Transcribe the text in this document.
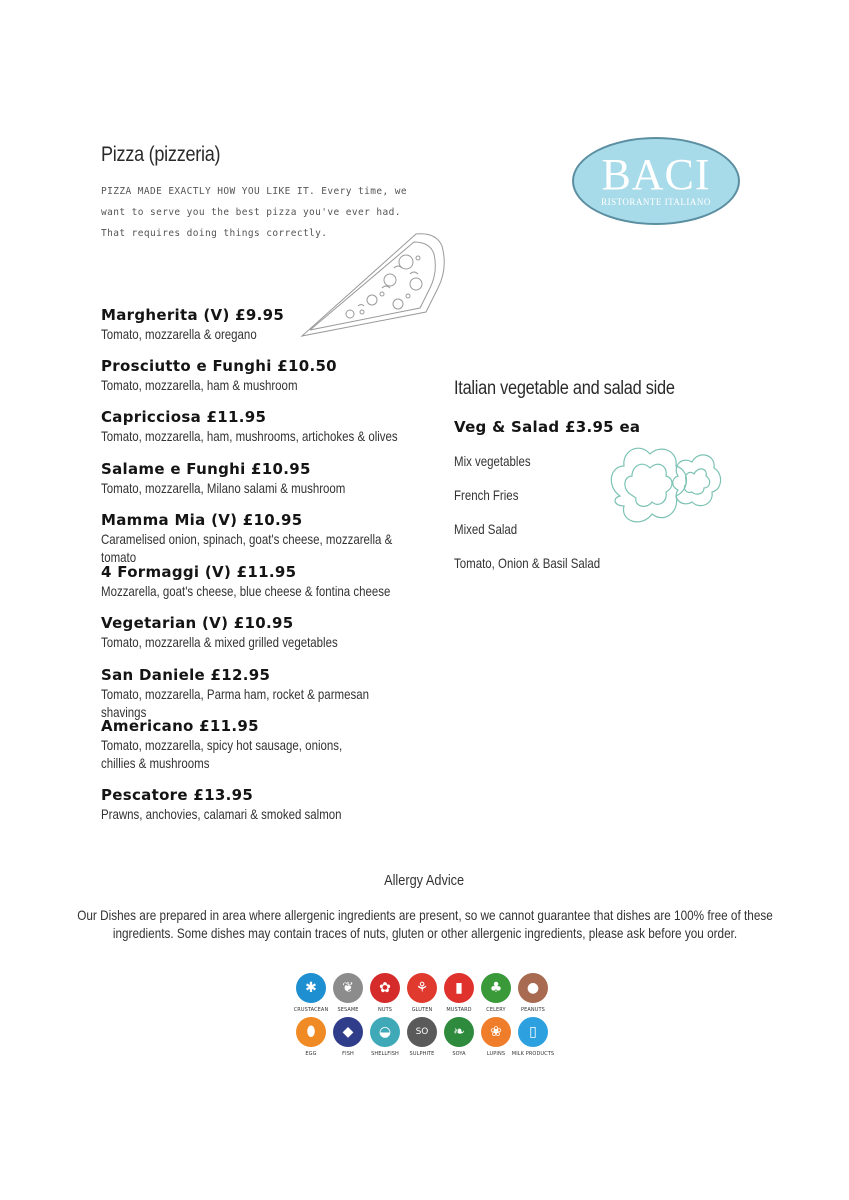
Pizza (pizzeria)
PIZZA MADE EXACTLY HOW YOU LIKE IT. Every time, we want to serve you the best pizza you've ever had. That requires doing things correctly.
BACI
RISTORANTE ITALIANO
Margherita (V) £9.95
Tomato, mozzarella & oregano
Prosciutto e Funghi £10.50
Tomato, mozzarella, ham & mushroom
Capricciosa £11.95
Tomato, mozzarella, ham, mushrooms, artichokes & olives
Salame e Funghi £10.95
Tomato, mozzarella, Milano salami & mushroom
Mamma Mia (V) £10.95
Caramelised onion, spinach, goat's cheese, mozzarella & tomato
4 Formaggi (V) £11.95
Mozzarella, goat's cheese, blue cheese & fontina cheese
Vegetarian (V) £10.95
Tomato, mozzarella & mixed grilled vegetables
San Daniele £12.95
Tomato, mozzarella, Parma ham, rocket & parmesan shavings
Americano £11.95
Tomato, mozzarella, spicy hot sausage, onions, chillies & mushrooms
Pescatore £13.95
Prawns, anchovies, calamari & smoked salmon
Italian vegetable and salad side
Veg & Salad £3.95 ea
Mix vegetables
French Fries
Mixed Salad
Tomato, Onion & Basil Salad
Allergy Advice
Our Dishes are prepared in area where allergenic ingredients are present, so we cannot guarantee that dishes are 100% free of these ingredients. Some dishes may contain traces of nuts, gluten or other allergenic ingredients, please ask before you order.
✱
CRUSTACEAN
❦
SESAME
✿
NUTS
⚘
GLUTEN
▮
MUSTARD
♣
CELERY
●
PEANUTS
⬮
EGG
◆
FISH
◒
SHELLFISH
SO
SULPHITE
❧
SOYA
❀
LUPINS
▯
MILK PRODUCTS
